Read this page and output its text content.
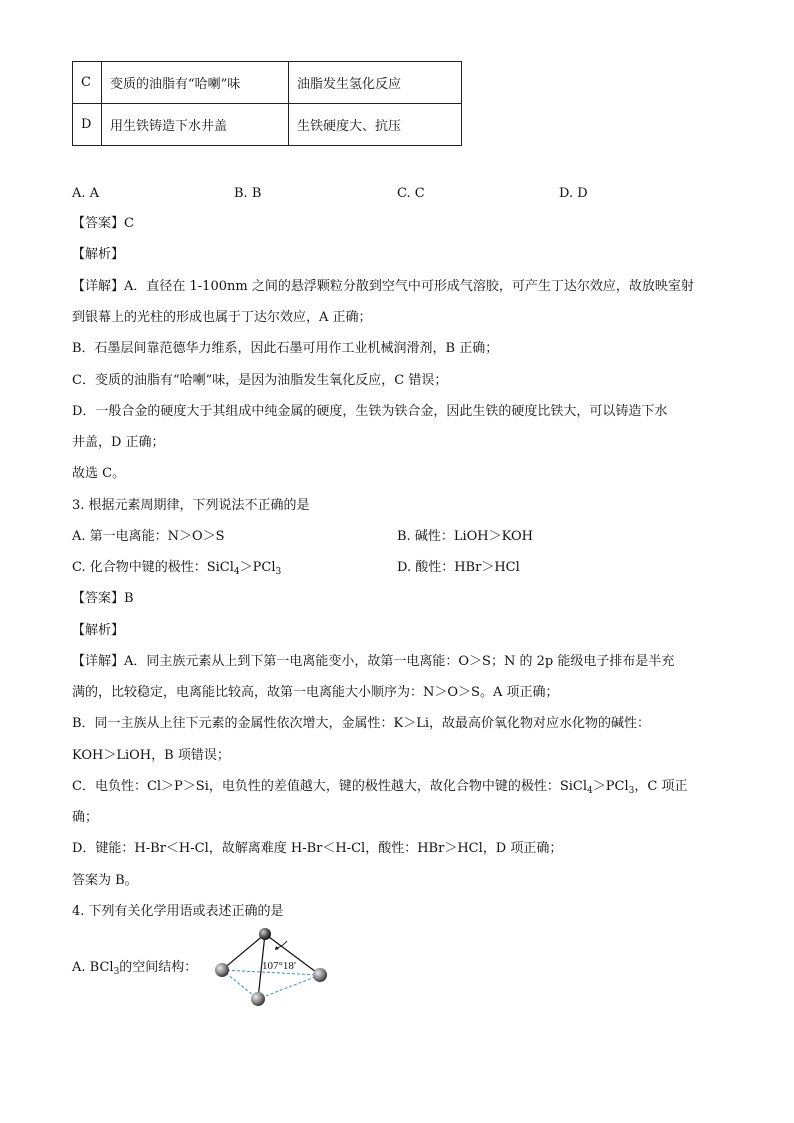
C	变质的油脂有“哈喇”味	油脂发生氢化反应
D	用生铁铸造下水井盖	生铁硬度大、抗压
A. A	B. B	C. C	D. D
【答案】C
【解析】
【详解】A．直径在 1-100nm 之间的悬浮颗粒分散到空气中可形成气溶胶，可产生丁达尔效应，故放映室射
到银幕上的光柱的形成也属于丁达尔效应，A 正确；
B．石墨层间靠范德华力维系，因此石墨可用作工业机械润滑剂，B 正确；
C．变质的油脂有“哈喇”味，是因为油脂发生氧化反应，C 错误；
D．一般合金的硬度大于其组成中纯金属的硬度，生铁为铁合金，因此生铁的硬度比铁大，可以铸造下水
井盖，D 正确；
故选 C。
3. 根据元素周期律，下列说法不正确的是
A. 第一电离能：N＞O＞S	B. 碱性：LiOH＞KOH
C. 化合物中键的极性：SiCl$_4$＞PCl$_3$	D. 酸性：HBr＞HCl
【答案】B
【解析】
【详解】A．同主族元素从上到下第一电离能变小，故第一电离能：O＞S；N 的 2p 能级电子排布是半充
满的，比较稳定，电离能比较高，故第一电离能大小顺序为：N＞O＞S。A 项正确；
B．同一主族从上往下元素的金属性依次增大，金属性：K＞Li，故最高价氧化物对应水化物的碱性：
KOH＞LiOH，B 项错误；
C．电负性：Cl＞P＞Si，电负性的差值越大，键的极性越大，故化合物中键的极性：SiCl$_4$＞PCl$_3$，C 项正
确；
D．键能：H-Br＜H-Cl，故解离难度 H-Br＜H-Cl，酸性：HBr＞HCl，D 项正确；
答案为 B。
4. 下列有关化学用语或表述正确的是
A. BCl$_3$的空间结构：	107°18′
